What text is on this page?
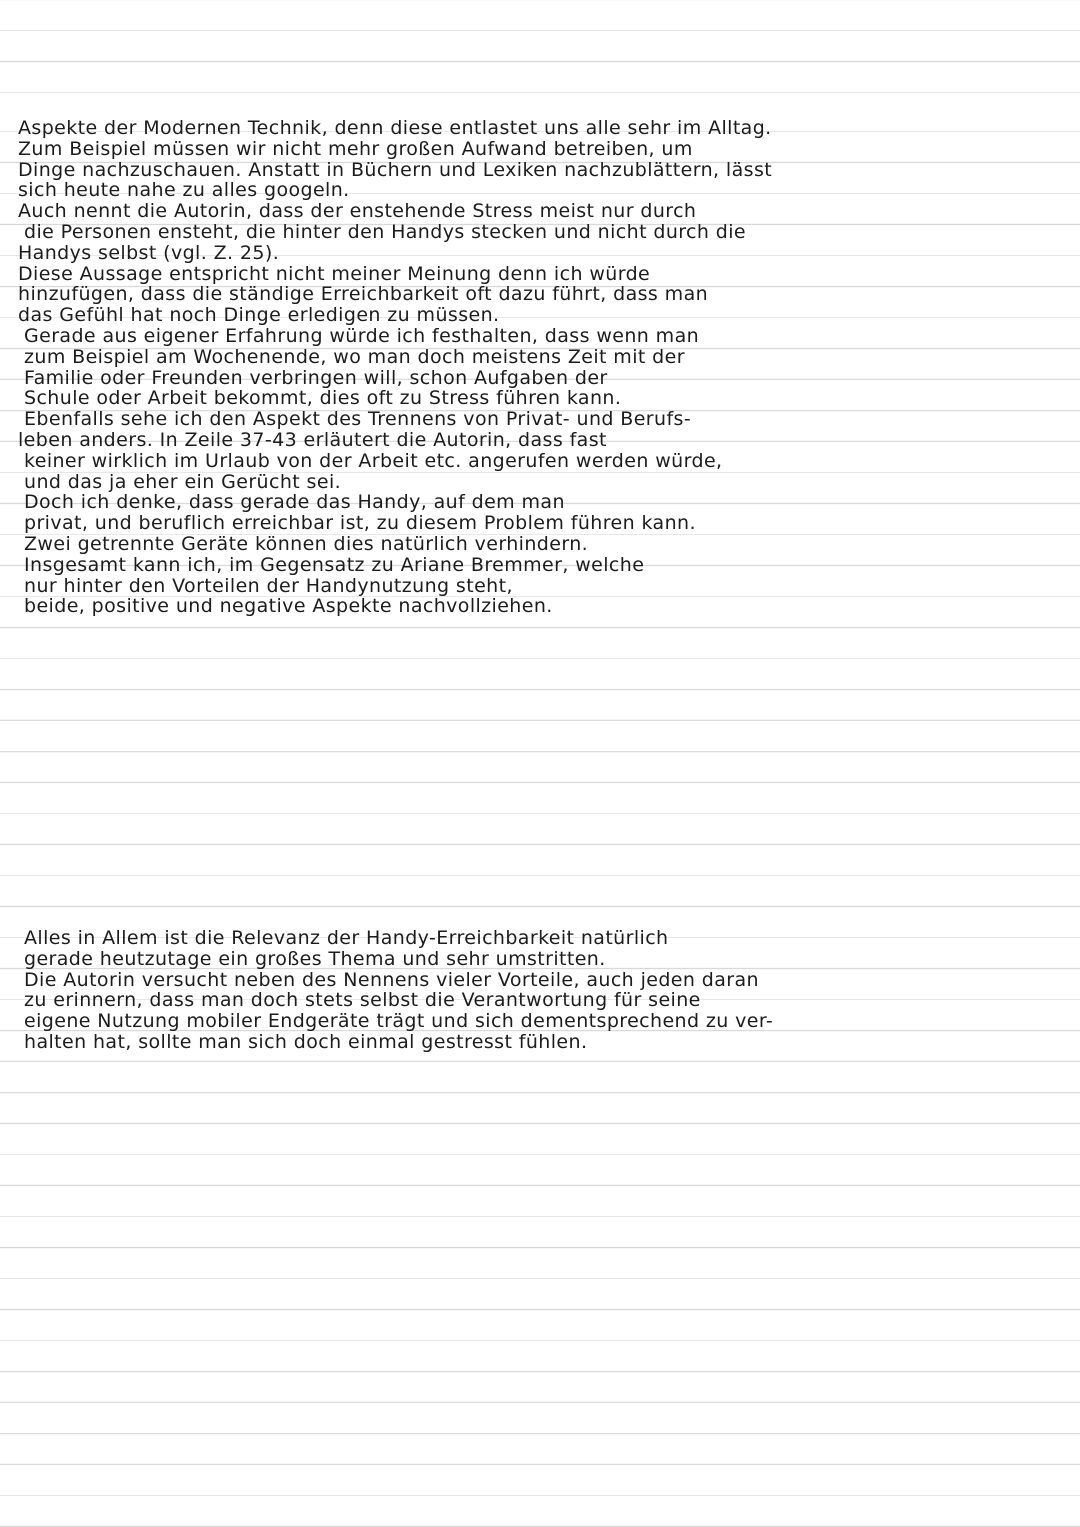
Aspekte der Modernen Technik, denn diese entlastet uns alle sehr im Alltag.
Zum Beispiel müssen wir nicht mehr großen Aufwand betreiben, um
Dinge nachzuschauen. Anstatt in Büchern und Lexiken nachzublättern, lässt
sich heute nahe zu alles googeln.
Auch nennt die Autorin, dass der enstehende Stress meist nur durch
die Personen ensteht, die hinter den Handys stecken und nicht durch die
Handys selbst (vgl. Z. 25).
Diese Aussage entspricht nicht meiner Meinung denn ich würde
hinzufügen, dass die ständige Erreichbarkeit oft dazu führt, dass man
das Gefühl hat noch Dinge erledigen zu müssen.
Gerade aus eigener Erfahrung würde ich festhalten, dass wenn man
zum Beispiel am Wochenende, wo man doch meistens Zeit mit der
Familie oder Freunden verbringen will, schon Aufgaben der
Schule oder Arbeit bekommt, dies oft zu Stress führen kann.
Ebenfalls sehe ich den Aspekt des Trennens von Privat- und Berufs-
leben anders. In Zeile 37-43 erläutert die Autorin, dass fast
keiner wirklich im Urlaub von der Arbeit etc. angerufen werden würde,
und das ja eher ein Gerücht sei.
Doch ich denke, dass gerade das Handy, auf dem man
privat, und beruflich erreichbar ist, zu diesem Problem führen kann.
Zwei getrennte Geräte können dies natürlich verhindern.
Insgesamt kann ich, im Gegensatz zu Ariane Bremmer, welche
nur hinter den Vorteilen der Handynutzung steht,
beide, positive und negative Aspekte nachvollziehen.
Alles in Allem ist die Relevanz der Handy-Erreichbarkeit natürlich
gerade heutzutage ein großes Thema und sehr umstritten.
Die Autorin versucht neben des Nennens vieler Vorteile, auch jeden daran
zu erinnern, dass man doch stets selbst die Verantwortung für seine
eigene Nutzung mobiler Endgeräte trägt und sich dementsprechend zu ver-
halten hat, sollte man sich doch einmal gestresst fühlen.
